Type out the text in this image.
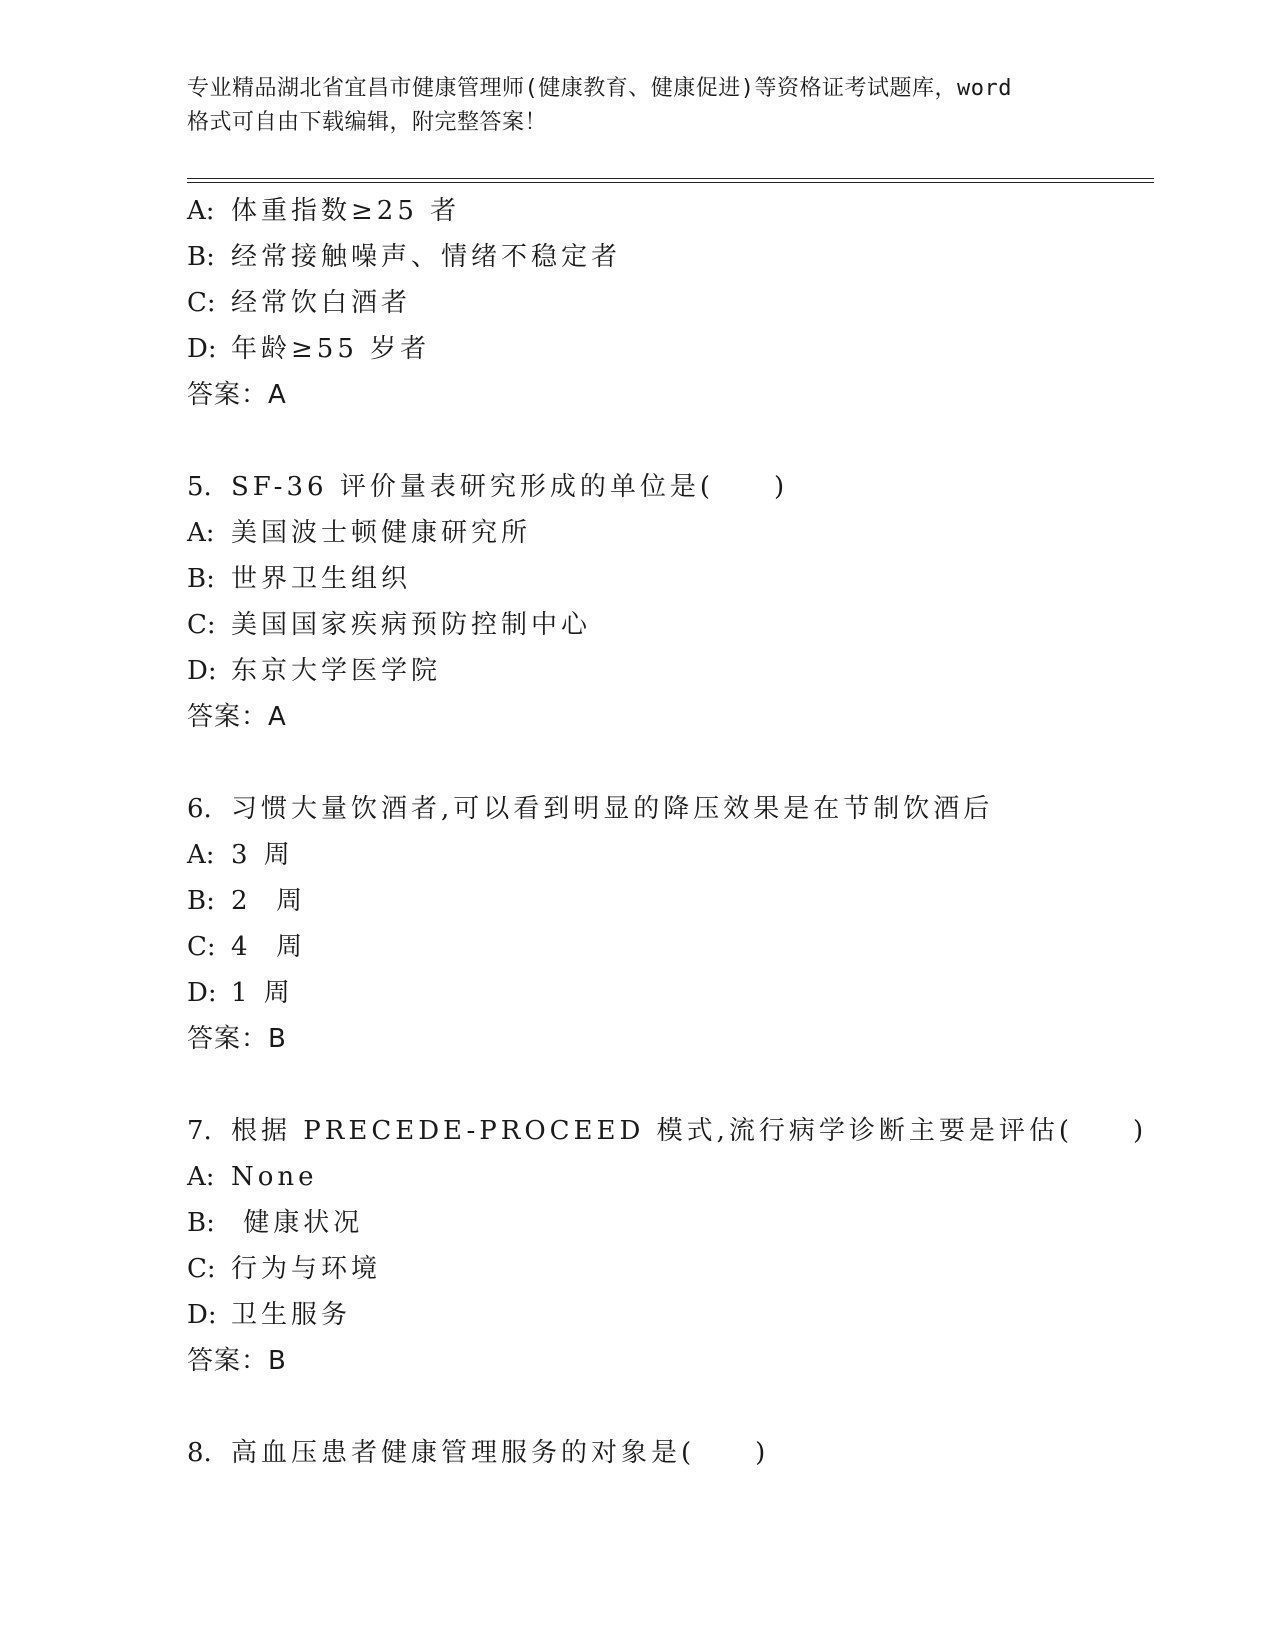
专业精品湖北省宜昌市健康管理师(健康教育、健康促进)等资格证考试题库，word
格式可自由下载编辑，附完整答案！
A: 体重指数≥25 者
B: 经常接触噪声、情绪不稳定者
C: 经常饮白酒者
D: 年龄≥55 岁者
答案：A
5. SF-36 评价量表研究形成的单位是(　　)
A: 美国波士顿健康研究所
B: 世界卫生组织
C: 美国国家疾病预防控制中心
D: 东京大学医学院
答案：A
6. 习惯大量饮酒者,可以看到明显的降压效果是在节制饮酒后
A: 3 周
B: 2  周
C: 4  周
D: 1 周
答案：B
7. 根据 PRECEDE-PROCEED 模式,流行病学诊断主要是评估(　　)
A: None
B: 健康状况
C: 行为与环境
D: 卫生服务
答案：B
8. 高血压患者健康管理服务的对象是(　　)
